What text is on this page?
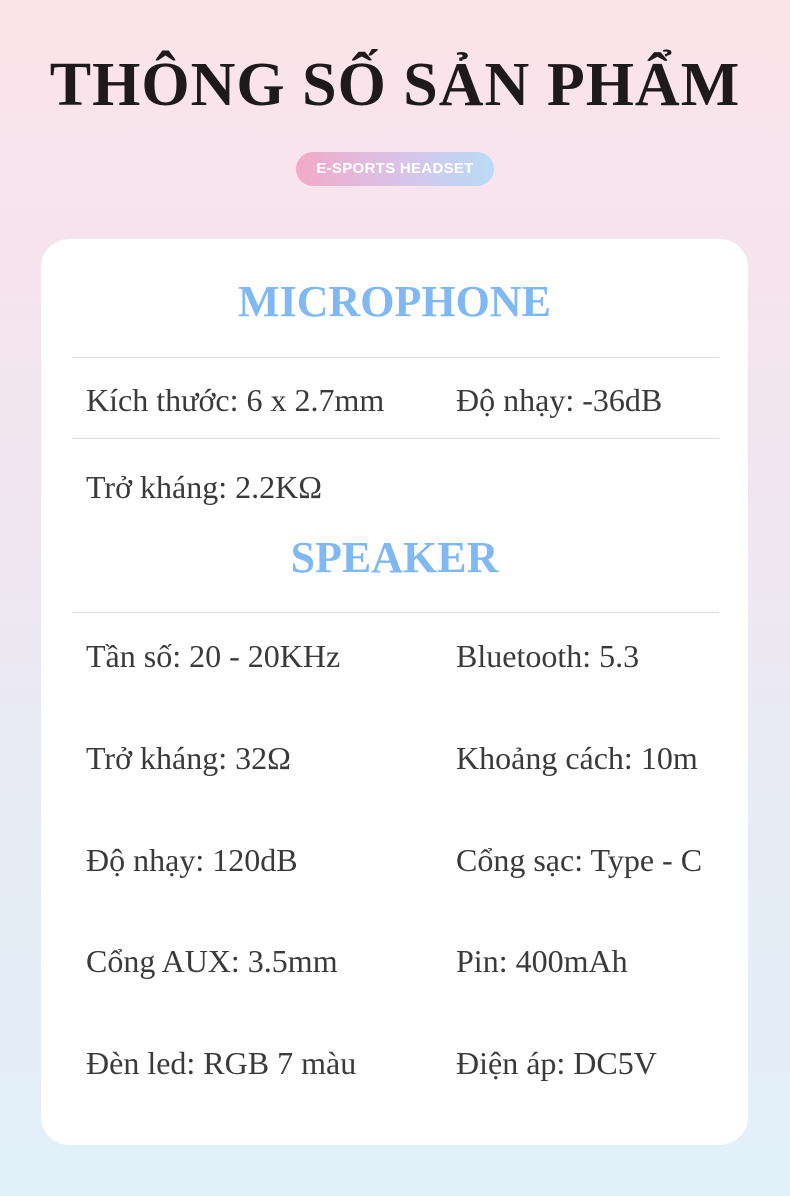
THÔNG SỐ SẢN PHẨM
E-SPORTS HEADSET
MICROPHONE
Kích thước: 6 x 2.7mm Độ nhạy: -36dB
Trở kháng: 2.2KΩ
SPEAKER
Tần số: 20 - 20KHz	Bluetooth: 5.3
Trở kháng: 32Ω	Khoảng cách: 10m
Độ nhạy: 120dB	Cổng sạc: Type - C
Cổng AUX: 3.5mm	Pin: 400mAh
Đèn led: RGB 7 màu	Điện áp: DC5V
